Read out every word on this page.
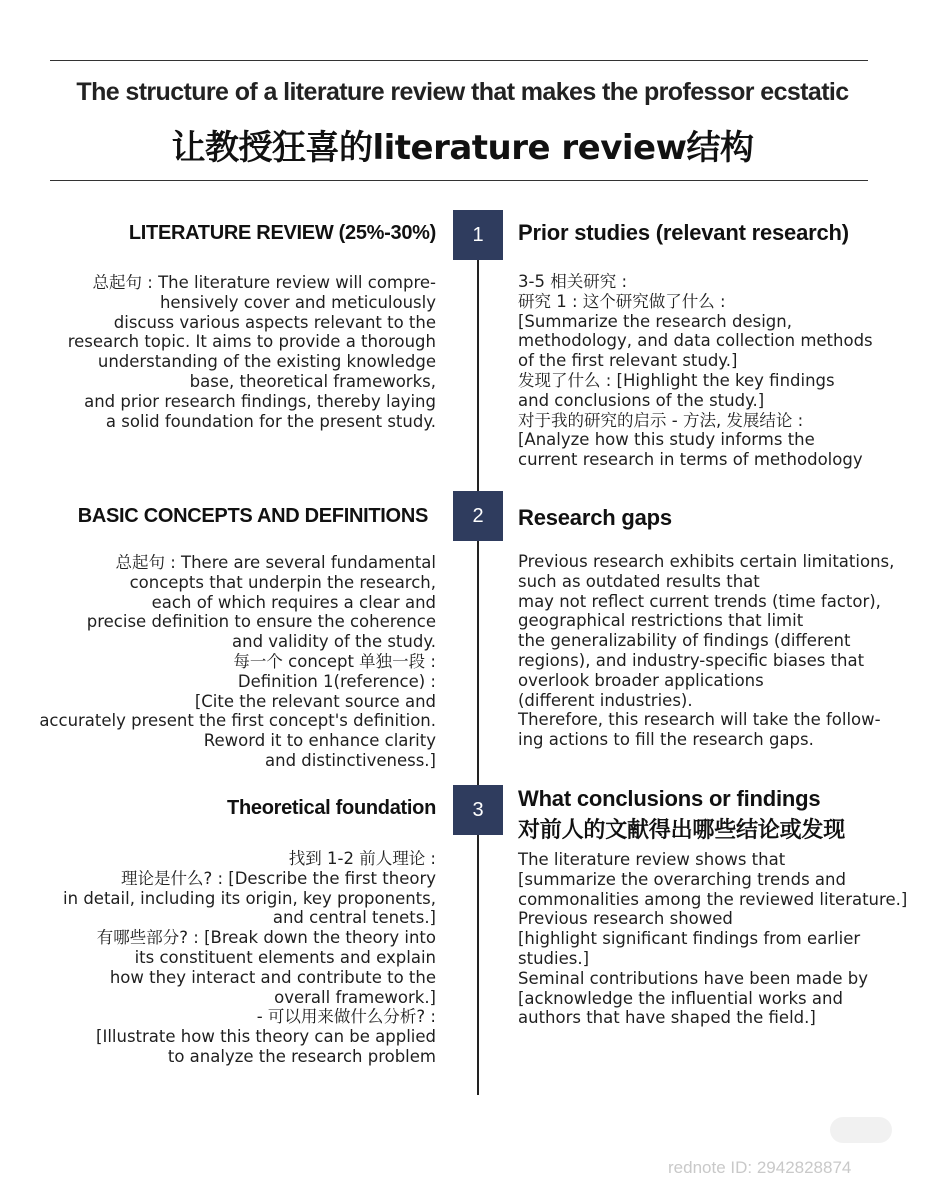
The structure of a literature review that makes the professor ecstatic
让教授狂喜的literature review结构
1
LITERATURE REVIEW (25%-30%)	Prior studies (relevant research)
总起句 : The literature review will compre-
hensively cover and meticulously
discuss various aspects relevant to the
research topic. It aims to provide a thorough
understanding of the existing knowledge
base, theoretical frameworks,
and prior research findings, thereby laying
a solid foundation for the present study.
3-5 相关研究 :
研究 1 : 这个研究做了什么 :
[Summarize the research design,
methodology, and data collection methods
of the first relevant study.]
发现了什么 : [Highlight the key findings
and conclusions of the study.]
对于我的研究的启示 - 方法, 发展结论 :
[Analyze how this study informs the
current research in terms of methodology
2
BASIC CONCEPTS AND DEFINITIONS	Research gaps
总起句 : There are several fundamental
concepts that underpin the research,
each of which requires a clear and
precise definition to ensure the coherence
and validity of the study.
每一个 concept 单独一段 :
Definition 1(reference) :
[Cite the relevant source and
accurately present the first concept's definition.
Reword it to enhance clarity
and distinctiveness.]
Previous research exhibits certain limitations,
such as outdated results that
may not reflect current trends (time factor),
geographical restrictions that limit
the generalizability of findings (different
regions), and industry-specific biases that
overlook broader applications
(different industries).
Therefore, this research will take the follow-
ing actions to fill the research gaps.
3
Theoretical foundation	What conclusions or findings
对前人的文献得出哪些结论或发现
找到 1-2 前人理论 :
理论是什么? : [Describe the first theory
in detail, including its origin, key proponents,
and central tenets.]
有哪些部分? : [Break down the theory into
its constituent elements and explain
how they interact and contribute to the
overall framework.]
- 可以用来做什么分析? :
[Illustrate how this theory can be applied
to analyze the research problem
The literature review shows that
[summarize the overarching trends and
commonalities among the reviewed literature.]
Previous research showed
[highlight significant findings from earlier
studies.]
Seminal contributions have been made by
[acknowledge the influential works and
authors that have shaped the field.]
rednote ID: 2942828874
